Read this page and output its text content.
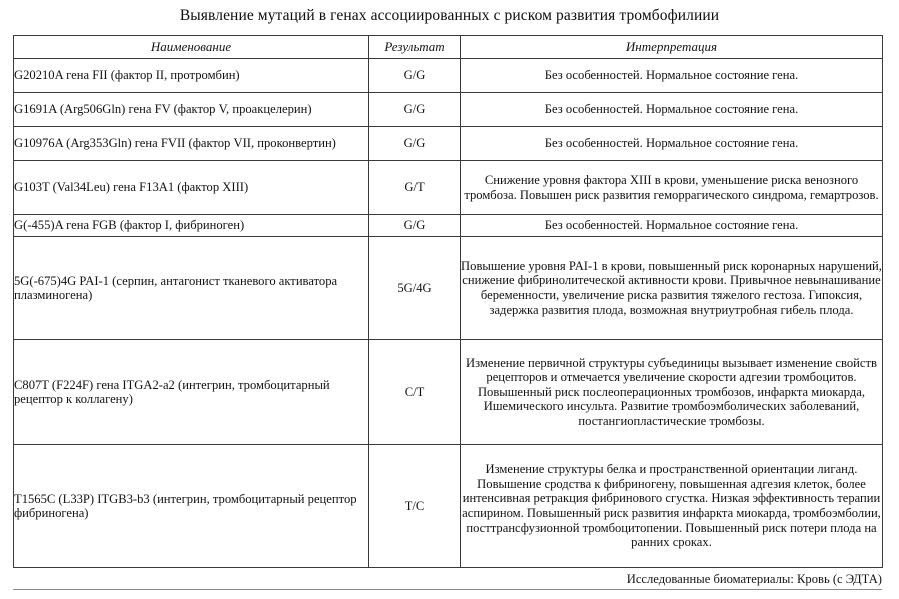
Выявление мутаций в генах ассоциированных с риском развития тромбофилиии
Наименование	Результат	Интерпретация
G20210A гена FII (фактор II, протромбин)	G/G	Без особенностей. Нормальное состояние гена.
G1691A (Arg506Gln) гена FV (фактор V, проакцелерин)	G/G	Без особенностей. Нормальное состояние гена.
G10976A (Arg353Gln) гена FVII (фактор VII, проконвертин)	G/G	Без особенностей. Нормальное состояние гена.
G103T (Val34Leu) гена F13A1 (фактор XIII)	G/T	Снижение уровня фактора XIII в крови, уменьшение риска венозного тромбоза. Повышен риск развития геморрагического синдрома, гемартрозов.
G(-455)A гена FGB (фактор I, фибриноген)	G/G	Без особенностей. Нормальное состояние гена.
5G(-675)4G PAI-1 (серпин, антагонист тканевого активатора плазминогена)	5G/4G	Повышение уровня PAI-1 в крови, повышенный риск коронарных нарушений, снижение фибринолитеческой активности крови. Привычное невынашивание беременности, увеличение риска развития тяжелого гестоза. Гипоксия, задержка развития плода, возможная внутриутробная гибель плода.
C807T (F224F) гена ITGA2-a2 (интегрин, тромбоцитарный рецептор к коллагену)	C/T	Изменение первичной структуры субъединицы вызывает изменение свойств рецепторов и отмечается увеличение скорости адгезии тромбоцитов. Повышенный риск послеоперационных тромбозов, инфаркта миокарда, Ишемического инсульта. Развитие тромбоэмболических заболеваний, постангиопластические тромбозы.
T1565C (L33P) ITGB3-b3 (интегрин, тромбоцитарный рецептор фибриногена)	T/C	Изменение структуры белка и пространственной ориентации лиганд. Повышение сродства к фибриногену, повышенная адгезия клеток, более интенсивная ретракция фибринового сгустка. Низкая эффективность терапии аспирином. Повышенный риск развития инфаркта миокарда, тромбоэмболии, посттрансфузионной тромбоцитопении. Повышенный риск потери плода на ранних сроках.
Исследованные биоматериалы: Кровь (с ЭДТА)
